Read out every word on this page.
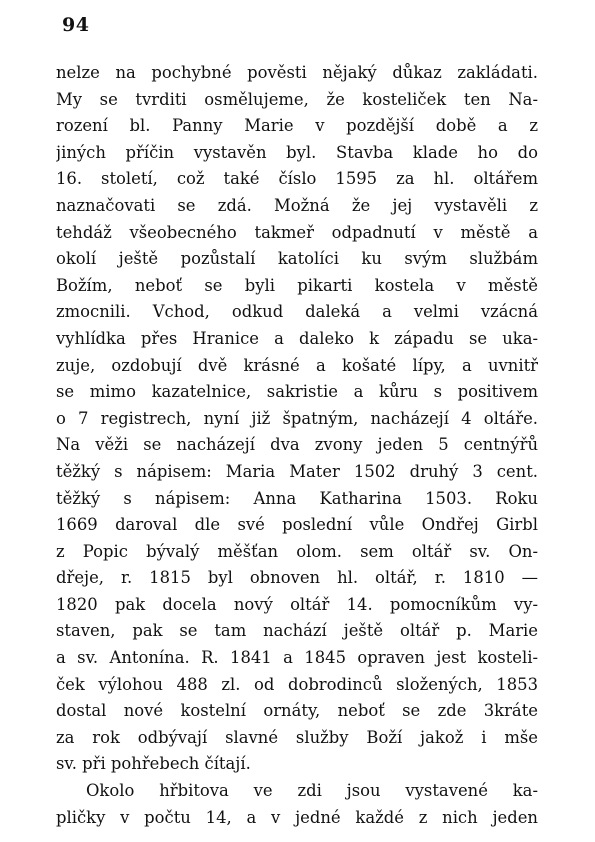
94
nelze na pochybné pověsti nějaký důkaz zakládati.
My se tvrditi osmělujeme, že kosteliček ten Na-
rození bl. Panny Marie v pozdější době a z
jiných příčin vystavěn byl. Stavba klade ho do
16. století, což také číslo 1595 za hl. oltářem
naznačovati se zdá. Možná že jej vystavěli z
tehdáž všeobecného takmeř odpadnutí v městě a
okolí ještě pozůstalí katolíci ku svým službám
Božím, neboť se byli pikarti kostela v městě
zmocnili. Vchod, odkud daleká a velmi vzácná
vyhlídka přes Hranice a daleko k západu se uka-
zuje, ozdobují dvě krásné a košaté lípy, a uvnitř
se mimo kazatelnice, sakristie a kůru s positivem
o 7 registrech, nyní již špatným, nacházejí 4 oltáře.
Na věži se nacházejí dva zvony jeden 5 centnýřů
těžký s nápisem: Maria Mater 1502 druhý 3 cent.
těžký s nápisem: Anna Katharina 1503. Roku
1669 daroval dle své poslední vůle Ondřej Girbl
z Popic bývalý měšťan olom. sem oltář sv. On-
dřeje, r. 1815 byl obnoven hl. oltář, r. 1810 —
1820 pak docela nový oltář 14. pomocníkům vy-
staven, pak se tam nachází ještě oltář p. Marie
a sv. Antonína. R. 1841 a 1845 opraven jest kosteli-
ček výlohou 488 zl. od dobrodinců složených, 1853
dostal nové kostelní ornáty, neboť se zde 3kráte
za rok odbývají slavné služby Boží jakož i mše
sv. při pohřebech čítají.
Okolo hřbitova ve zdi jsou vystavené ka-
pličky v počtu 14, a v jedné každé z nich jeden
